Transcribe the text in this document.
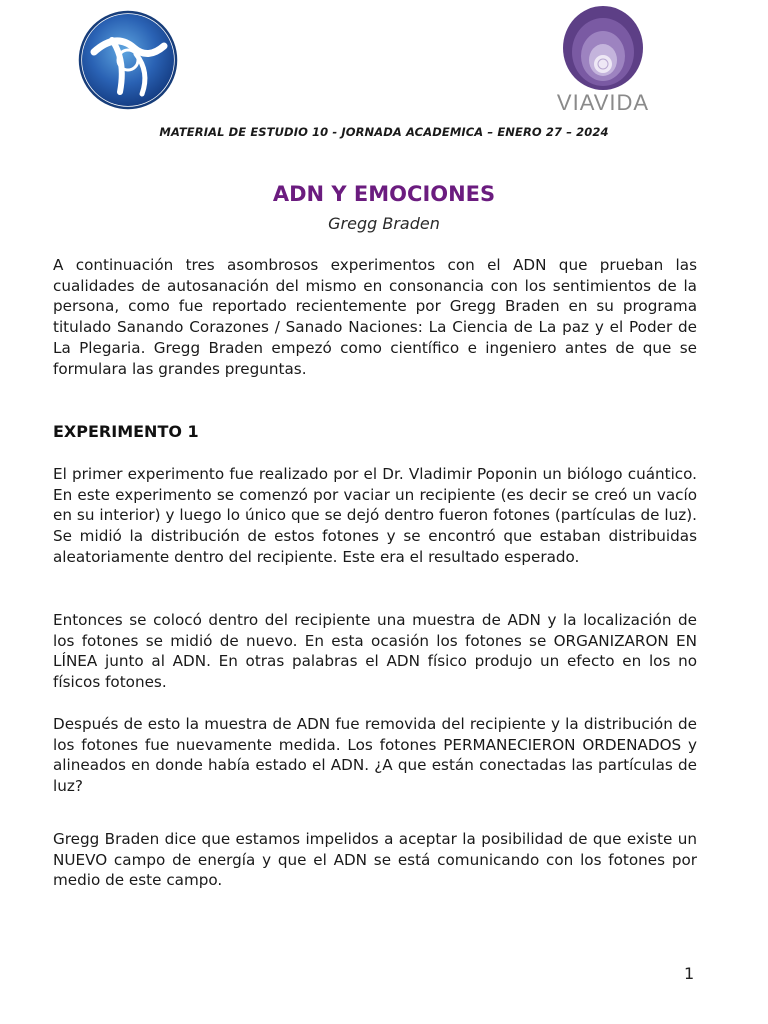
VIAVIDA
MATERIAL DE ESTUDIO 10 - JORNADA ACADEMICA – ENERO 27 – 2024
ADN Y EMOCIONES
Gregg Braden

A continuación tres asombrosos experimentos con el ADN que prueban las cualidades de autosanación del mismo en consonancia con los sentimientos de la persona, como fue reportado recientemente por Gregg Braden en su programa titulado Sanando Corazones / Sanado Naciones: La Ciencia de La paz y el Poder de La Plegaria. Gregg Braden empezó como científico e ingeniero antes de que se formulara las grandes preguntas.

EXPERIMENTO 1

El primer experimento fue realizado por el Dr. Vladimir Poponin un biólogo cuántico. En este experimento se comenzó por vaciar un recipiente (es decir se creó un vacío en su interior) y luego lo único que se dejó dentro fueron fotones (partículas de luz). Se midió la distribución de estos fotones y se encontró que estaban distribuidas aleatoriamente dentro del recipiente. Este era el resultado esperado.

Entonces se colocó dentro del recipiente una muestra de ADN y la localización de los fotones se midió de nuevo. En esta ocasión los fotones se ORGANIZARON EN LÍNEA junto al ADN. En otras palabras el ADN físico produjo un efecto en los no físicos fotones.

Después de esto la muestra de ADN fue removida del recipiente y la distribución de los fotones fue nuevamente medida. Los fotones PERMANECIERON ORDENADOS y alineados en donde había estado el ADN. ¿A que están conectadas las partículas de luz?

Gregg Braden dice que estamos impelidos a aceptar la posibilidad de que existe un NUEVO campo de energía y que el ADN se está comunicando con los fotones por medio de este campo.

1
